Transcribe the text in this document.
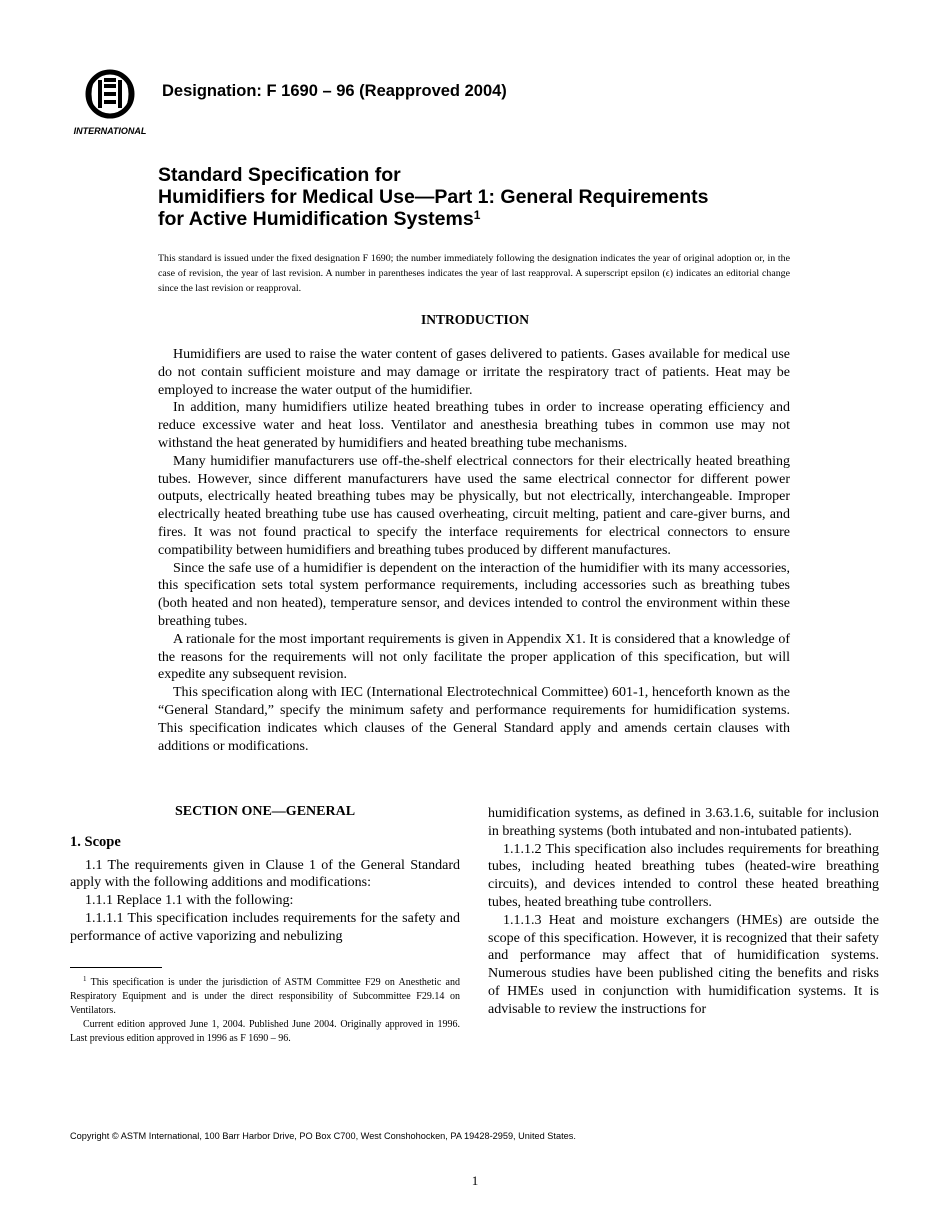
INTERNATIONAL
Designation: F 1690 – 96 (Reapproved 2004)
Standard Specification for
Humidifiers for Medical Use—Part 1: General Requirements
for Active Humidification Systems$^1$
This standard is issued under the fixed designation F 1690; the number immediately following the designation indicates the year of original adoption or, in the case of revision, the year of last revision. A number in parentheses indicates the year of last reapproval. A superscript epsilon (ϵ) indicates an editorial change since the last revision or reapproval.
INTRODUCTION

Humidifiers are used to raise the water content of gases delivered to patients. Gases available for medical use do not contain sufficient moisture and may damage or irritate the respiratory tract of patients. Heat may be employed to increase the water output of the humidifier.

In addition, many humidifiers utilize heated breathing tubes in order to increase operating efficiency and reduce excessive water and heat loss. Ventilator and anesthesia breathing tubes in common use may not withstand the heat generated by humidifiers and heated breathing tube mechanisms.

Many humidifier manufacturers use off-the-shelf electrical connectors for their electrically heated breathing tubes. However, since different manufacturers have used the same electrical connector for different power outputs, electrically heated breathing tubes may be physically, but not electrically, interchangeable. Improper electrically heated breathing tube use has caused overheating, circuit melting, patient and care-giver burns, and fires. It was not found practical to specify the interface requirements for electrical connectors to ensure compatibility between humidifiers and breathing tubes produced by different manufactures.

Since the safe use of a humidifier is dependent on the interaction of the humidifier with its many accessories, this specification sets total system performance requirements, including accessories such as breathing tubes (both heated and non heated), temperature sensor, and devices intended to control the environment within these breathing tubes.

A rationale for the most important requirements is given in Appendix X1. It is considered that a knowledge of the reasons for the requirements will not only facilitate the proper application of this specification, but will expedite any subsequent revision.

This specification along with IEC (International Electrotechnical Committee) 601-1, henceforth known as the “General Standard,” specify the minimum safety and performance requirements for humidification systems. This specification indicates which clauses of the General Standard apply and amends certain clauses with additions or modifications.

SECTION ONE—GENERAL
1. Scope

1.1 The requirements given in Clause 1 of the General Standard apply with the following additions and modifications:

1.1.1 Replace 1.1 with the following:

1.1.1.1 This specification includes requirements for the safety and performance of active vaporizing and nebulizing

humidification systems, as defined in 3.63.1.6, suitable for inclusion in breathing systems (both intubated and non-intubated patients).

1.1.1.2 This specification also includes requirements for breathing tubes, including heated breathing tubes (heated-wire breathing circuits), and devices intended to control these heated breathing tubes, heated breathing tube controllers.

1.1.1.3 Heat and moisture exchangers (HMEs) are outside the scope of this specification. However, it is recognized that their safety and performance may affect that of humidification systems. Numerous studies have been published citing the benefits and risks of HMEs used in conjunction with humidification systems. It is advisable to review the instructions for

$^1$ This specification is under the jurisdiction of ASTM Committee F29 on Anesthetic and Respiratory Equipment and is under the direct responsibility of Subcommittee F29.14 on Ventilators.

Current edition approved June 1, 2004. Published June 2004. Originally approved in 1996. Last previous edition approved in 1996 as F 1690 – 96.

Copyright © ASTM International, 100 Barr Harbor Drive, PO Box C700, West Conshohocken, PA 19428-2959, United States.
1
